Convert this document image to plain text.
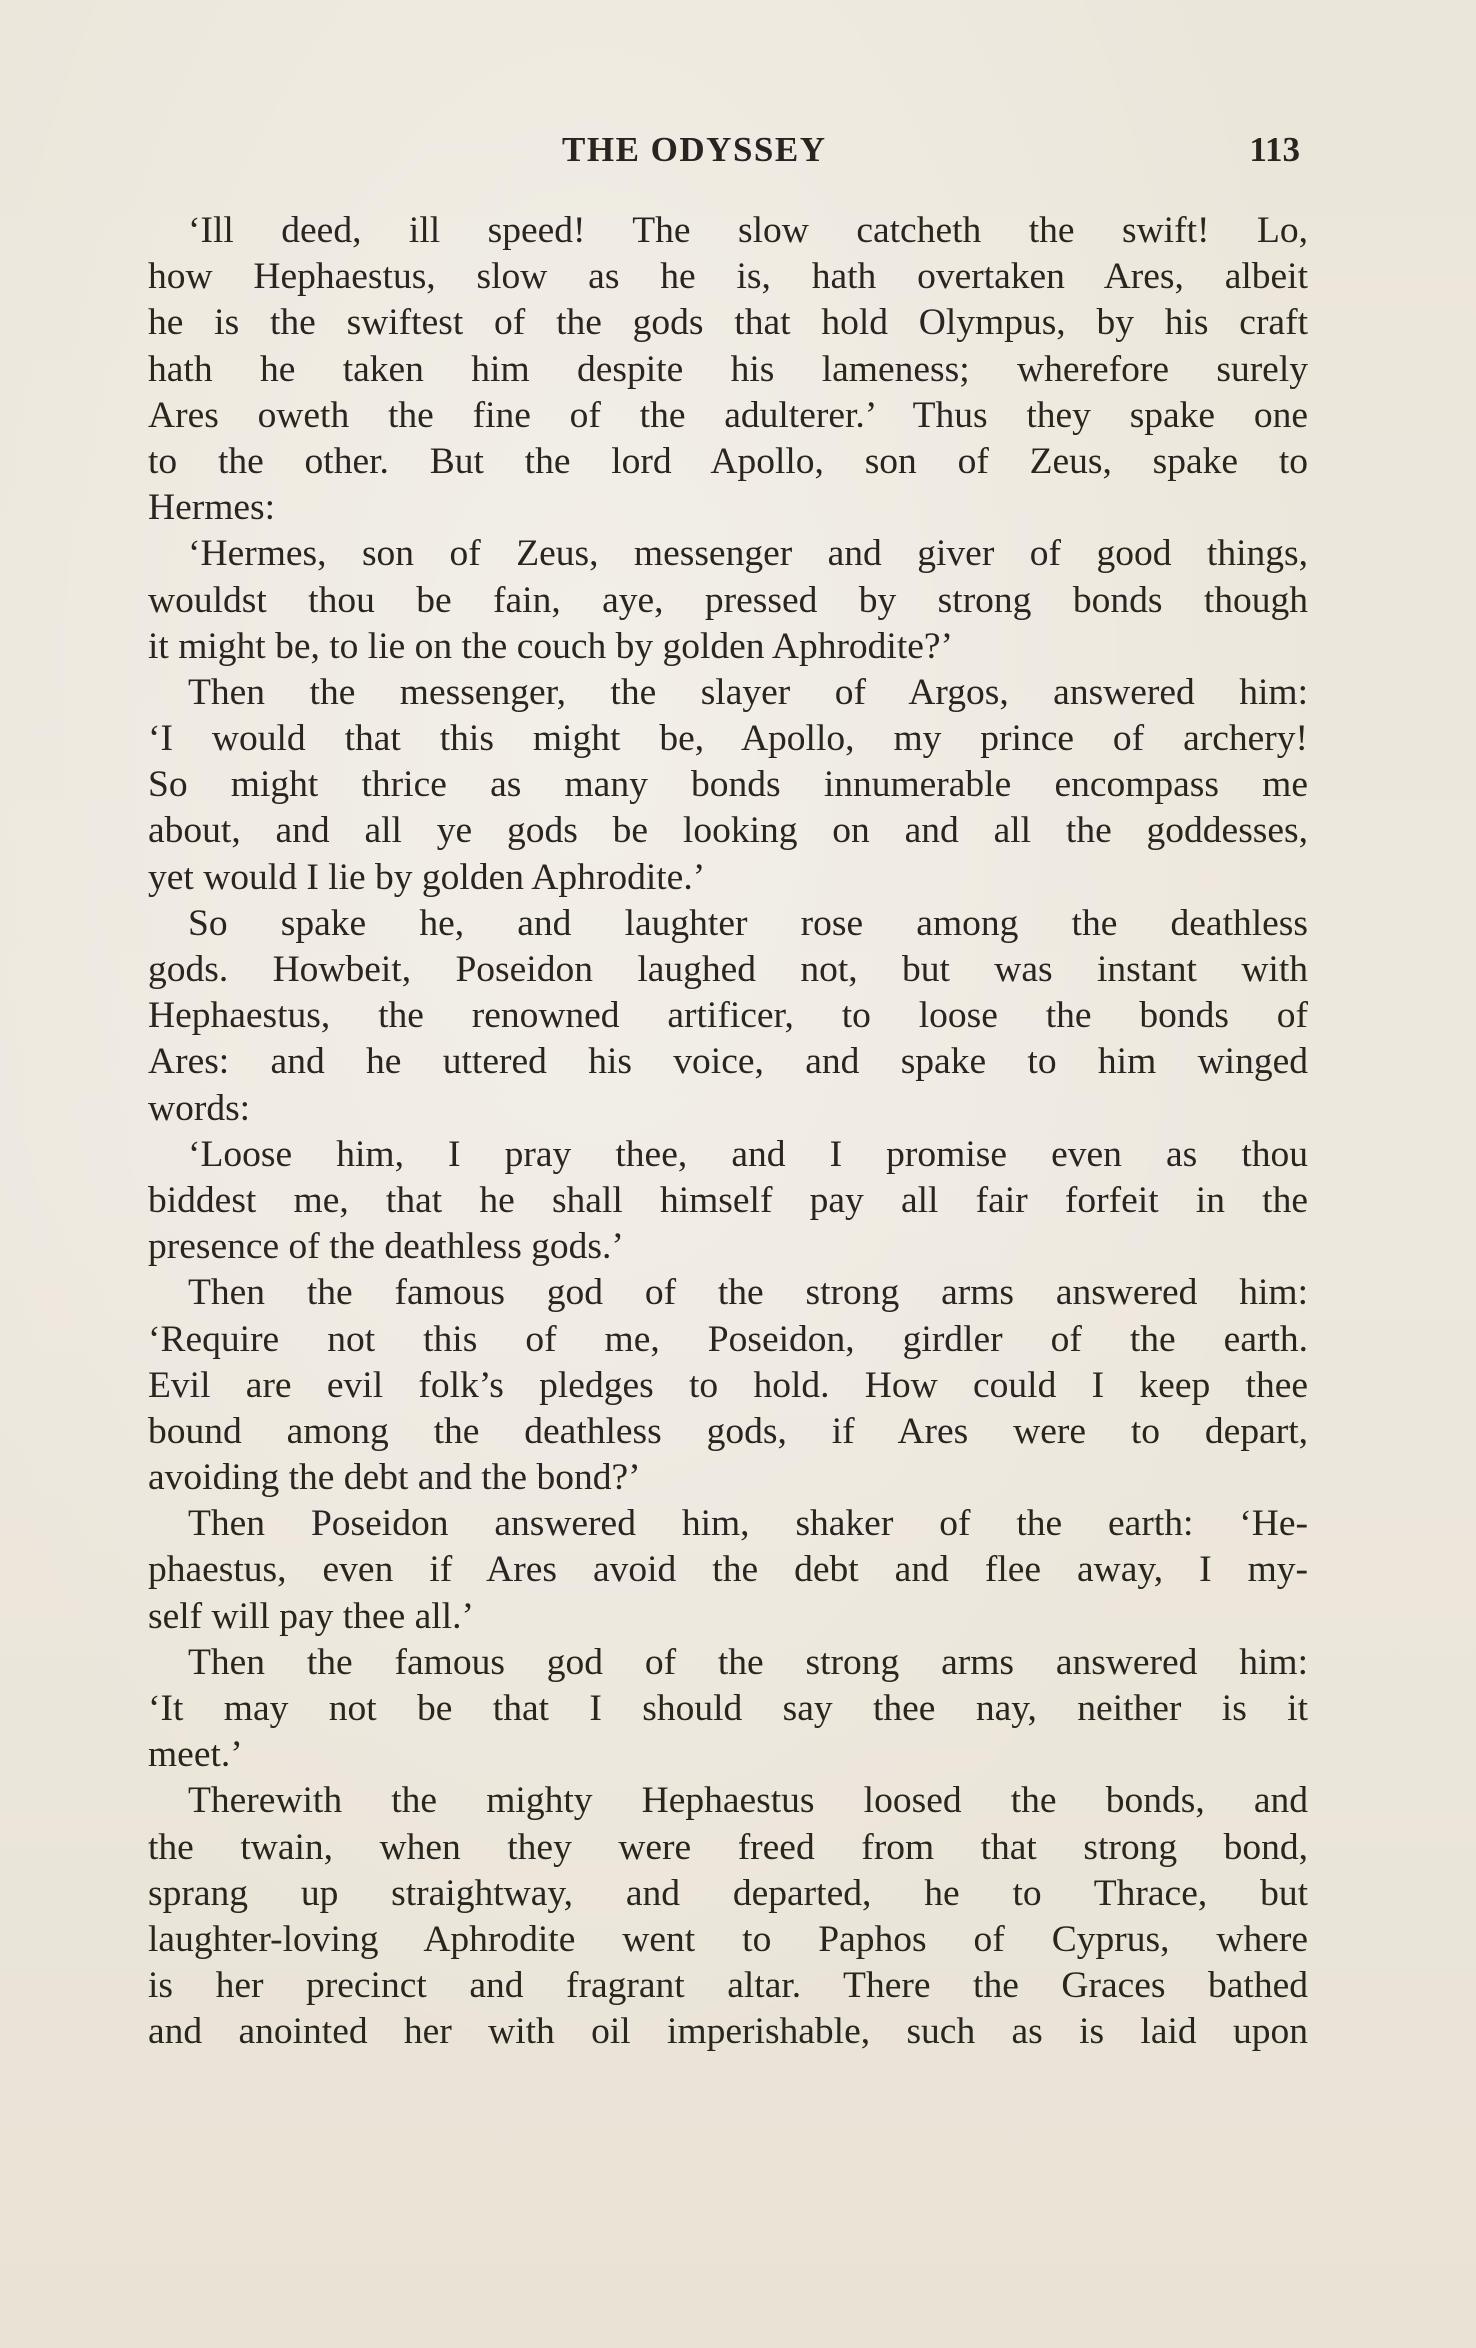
THE ODYSSEY	113
‘Ill deed, ill speed! The slow catcheth the swift! Lo,
how Hephaestus, slow as he is, hath overtaken Ares, albeit
he is the swiftest of the gods that hold Olympus, by his craft
hath he taken him despite his lameness; wherefore surely
Ares oweth the fine of the adulterer.’ Thus they spake one
to the other. But the lord Apollo, son of Zeus, spake to
Hermes:
‘Hermes, son of Zeus, messenger and giver of good things,
wouldst thou be fain, aye, pressed by strong bonds though
it might be, to lie on the couch by golden Aphrodite?’
Then the messenger, the slayer of Argos, answered him:
‘I would that this might be, Apollo, my prince of archery!
So might thrice as many bonds innumerable encompass me
about, and all ye gods be looking on and all the goddesses,
yet would I lie by golden Aphrodite.’
So spake he, and laughter rose among the deathless
gods. Howbeit, Poseidon laughed not, but was instant with
Hephaestus, the renowned artificer, to loose the bonds of
Ares: and he uttered his voice, and spake to him winged
words:
‘Loose him, I pray thee, and I promise even as thou
biddest me, that he shall himself pay all fair forfeit in the
presence of the deathless gods.’
Then the famous god of the strong arms answered him:
‘Require not this of me, Poseidon, girdler of the earth.
Evil are evil folk’s pledges to hold. How could I keep thee
bound among the deathless gods, if Ares were to depart,
avoiding the debt and the bond?’
Then Poseidon answered him, shaker of the earth: ‘He-
phaestus, even if Ares avoid the debt and flee away, I my-
self will pay thee all.’
Then the famous god of the strong arms answered him:
‘It may not be that I should say thee nay, neither is it
meet.’
Therewith the mighty Hephaestus loosed the bonds, and
the twain, when they were freed from that strong bond,
sprang up straightway, and departed, he to Thrace, but
laughter-loving Aphrodite went to Paphos of Cyprus, where
is her precinct and fragrant altar. There the Graces bathed
and anointed her with oil imperishable, such as is laid upon
